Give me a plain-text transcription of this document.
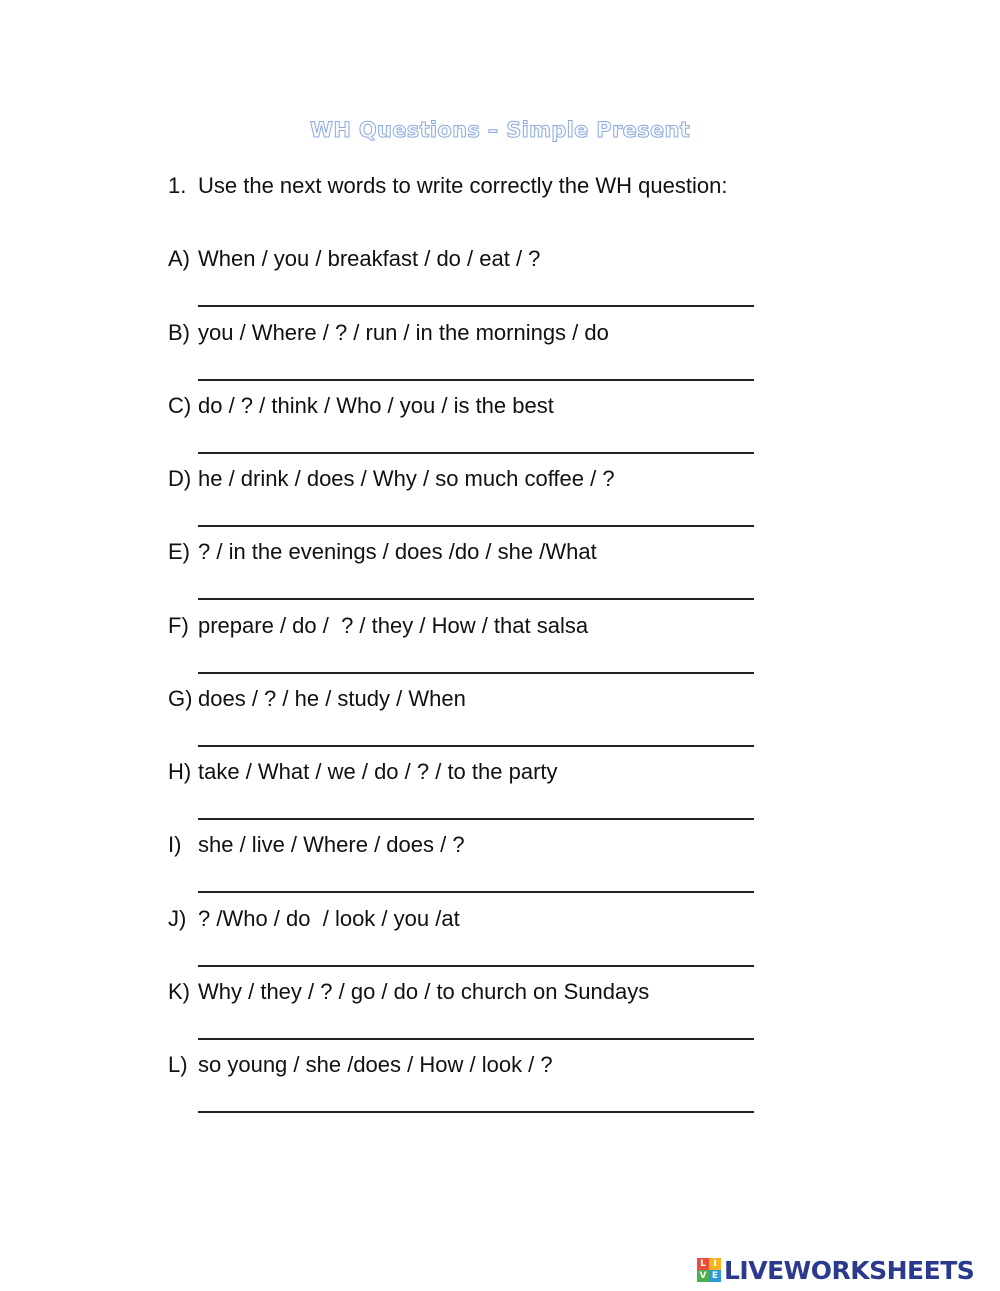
WH Questions – Simple Present
1. Use the next words to write correctly the WH question:
A) When / you / breakfast / do / eat / ?
B) you / Where / ? / run / in the mornings / do
C) do / ? / think / Who / you / is the best
D) he / drink / does / Why / so much coffee / ?
E) ? / in the evenings / does /do / she /What
F) prepare / do /  ? / they / How / that salsa
G) does / ? / he / study / When
H) take / What / we / do / ? / to the party
I) she / live / Where / does / ?
J) ? /Who / do  / look / you /at
K) Why / they / ? / go / do / to church on Sundays
L) so young / she /does / How / look / ?
L I
V E LIVEWORKSHEETS
